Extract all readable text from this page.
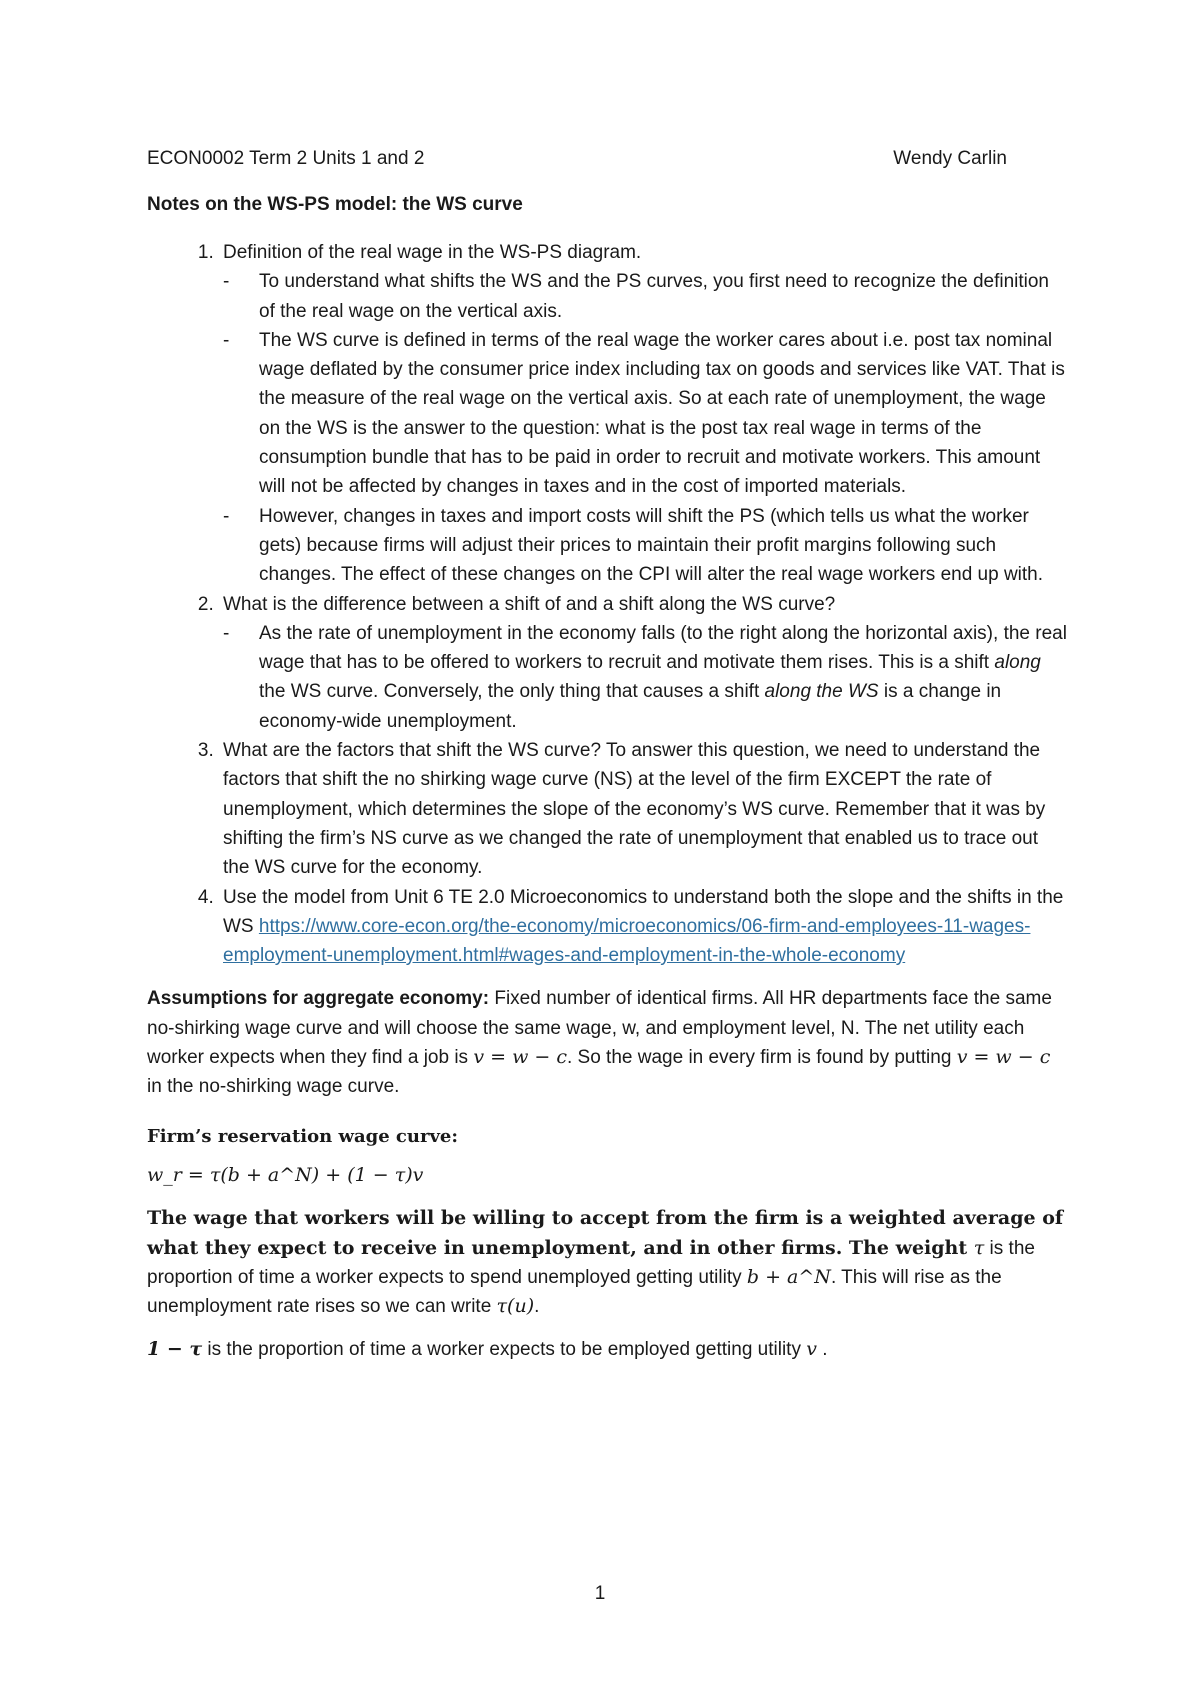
ECON0002 Term 2 Units 1 and 2	Wendy Carlin
Notes on the WS-PS model: the WS curve
1. Definition of the real wage in the WS-PS diagram.
- To understand what shifts the WS and the PS curves, you first need to recognize the definition of the real wage on the vertical axis.
- The WS curve is defined in terms of the real wage the worker cares about i.e. post tax nominal wage deflated by the consumer price index including tax on goods and services like VAT. That is the measure of the real wage on the vertical axis. So at each rate of unemployment, the wage on the WS is the answer to the question: what is the post tax real wage in terms of the consumption bundle that has to be paid in order to recruit and motivate workers. This amount will not be affected by changes in taxes and in the cost of imported materials.
- However, changes in taxes and import costs will shift the PS (which tells us what the worker gets) because firms will adjust their prices to maintain their profit margins following such changes. The effect of these changes on the CPI will alter the real wage workers end up with.
2. What is the difference between a shift of and a shift along the WS curve?
- As the rate of unemployment in the economy falls (to the right along the horizontal axis), the real wage that has to be offered to workers to recruit and motivate them rises. This is a shift along the WS curve. Conversely, the only thing that causes a shift along the WS is a change in economy-wide unemployment.
3. What are the factors that shift the WS curve? To answer this question, we need to understand the factors that shift the no shirking wage curve (NS) at the level of the firm EXCEPT the rate of unemployment, which determines the slope of the economy’s WS curve. Remember that it was by shifting the firm’s NS curve as we changed the rate of unemployment that enabled us to trace out the WS curve for the economy.
4. Use the model from Unit 6 TE 2.0 Microeconomics to understand both the slope and the shifts in the WS https://www.core-econ.org/the-economy/microeconomics/06-firm-and-employees-11-wages-employment-unemployment.html#wages-and-employment-in-the-whole-economy
Assumptions for aggregate economy: Fixed number of identical firms. All HR departments face the same no-shirking wage curve and will choose the same wage, w, and employment level, N. The net utility each worker expects when they find a job is v = w − c. So the wage in every firm is found by putting v = w − c in the no-shirking wage curve.
Firm’s reservation wage curve:
w_r = τ(b + a^N) + (1 − τ)v
The wage that workers will be willing to accept from the firm is a weighted average of what they expect to receive in unemployment, and in other firms. The weight τ is the proportion of time a worker expects to spend unemployed getting utility b + a^N. This will rise as the unemployment rate rises so we can write τ(u).
1 − τ is the proportion of time a worker expects to be employed getting utility v .
1
